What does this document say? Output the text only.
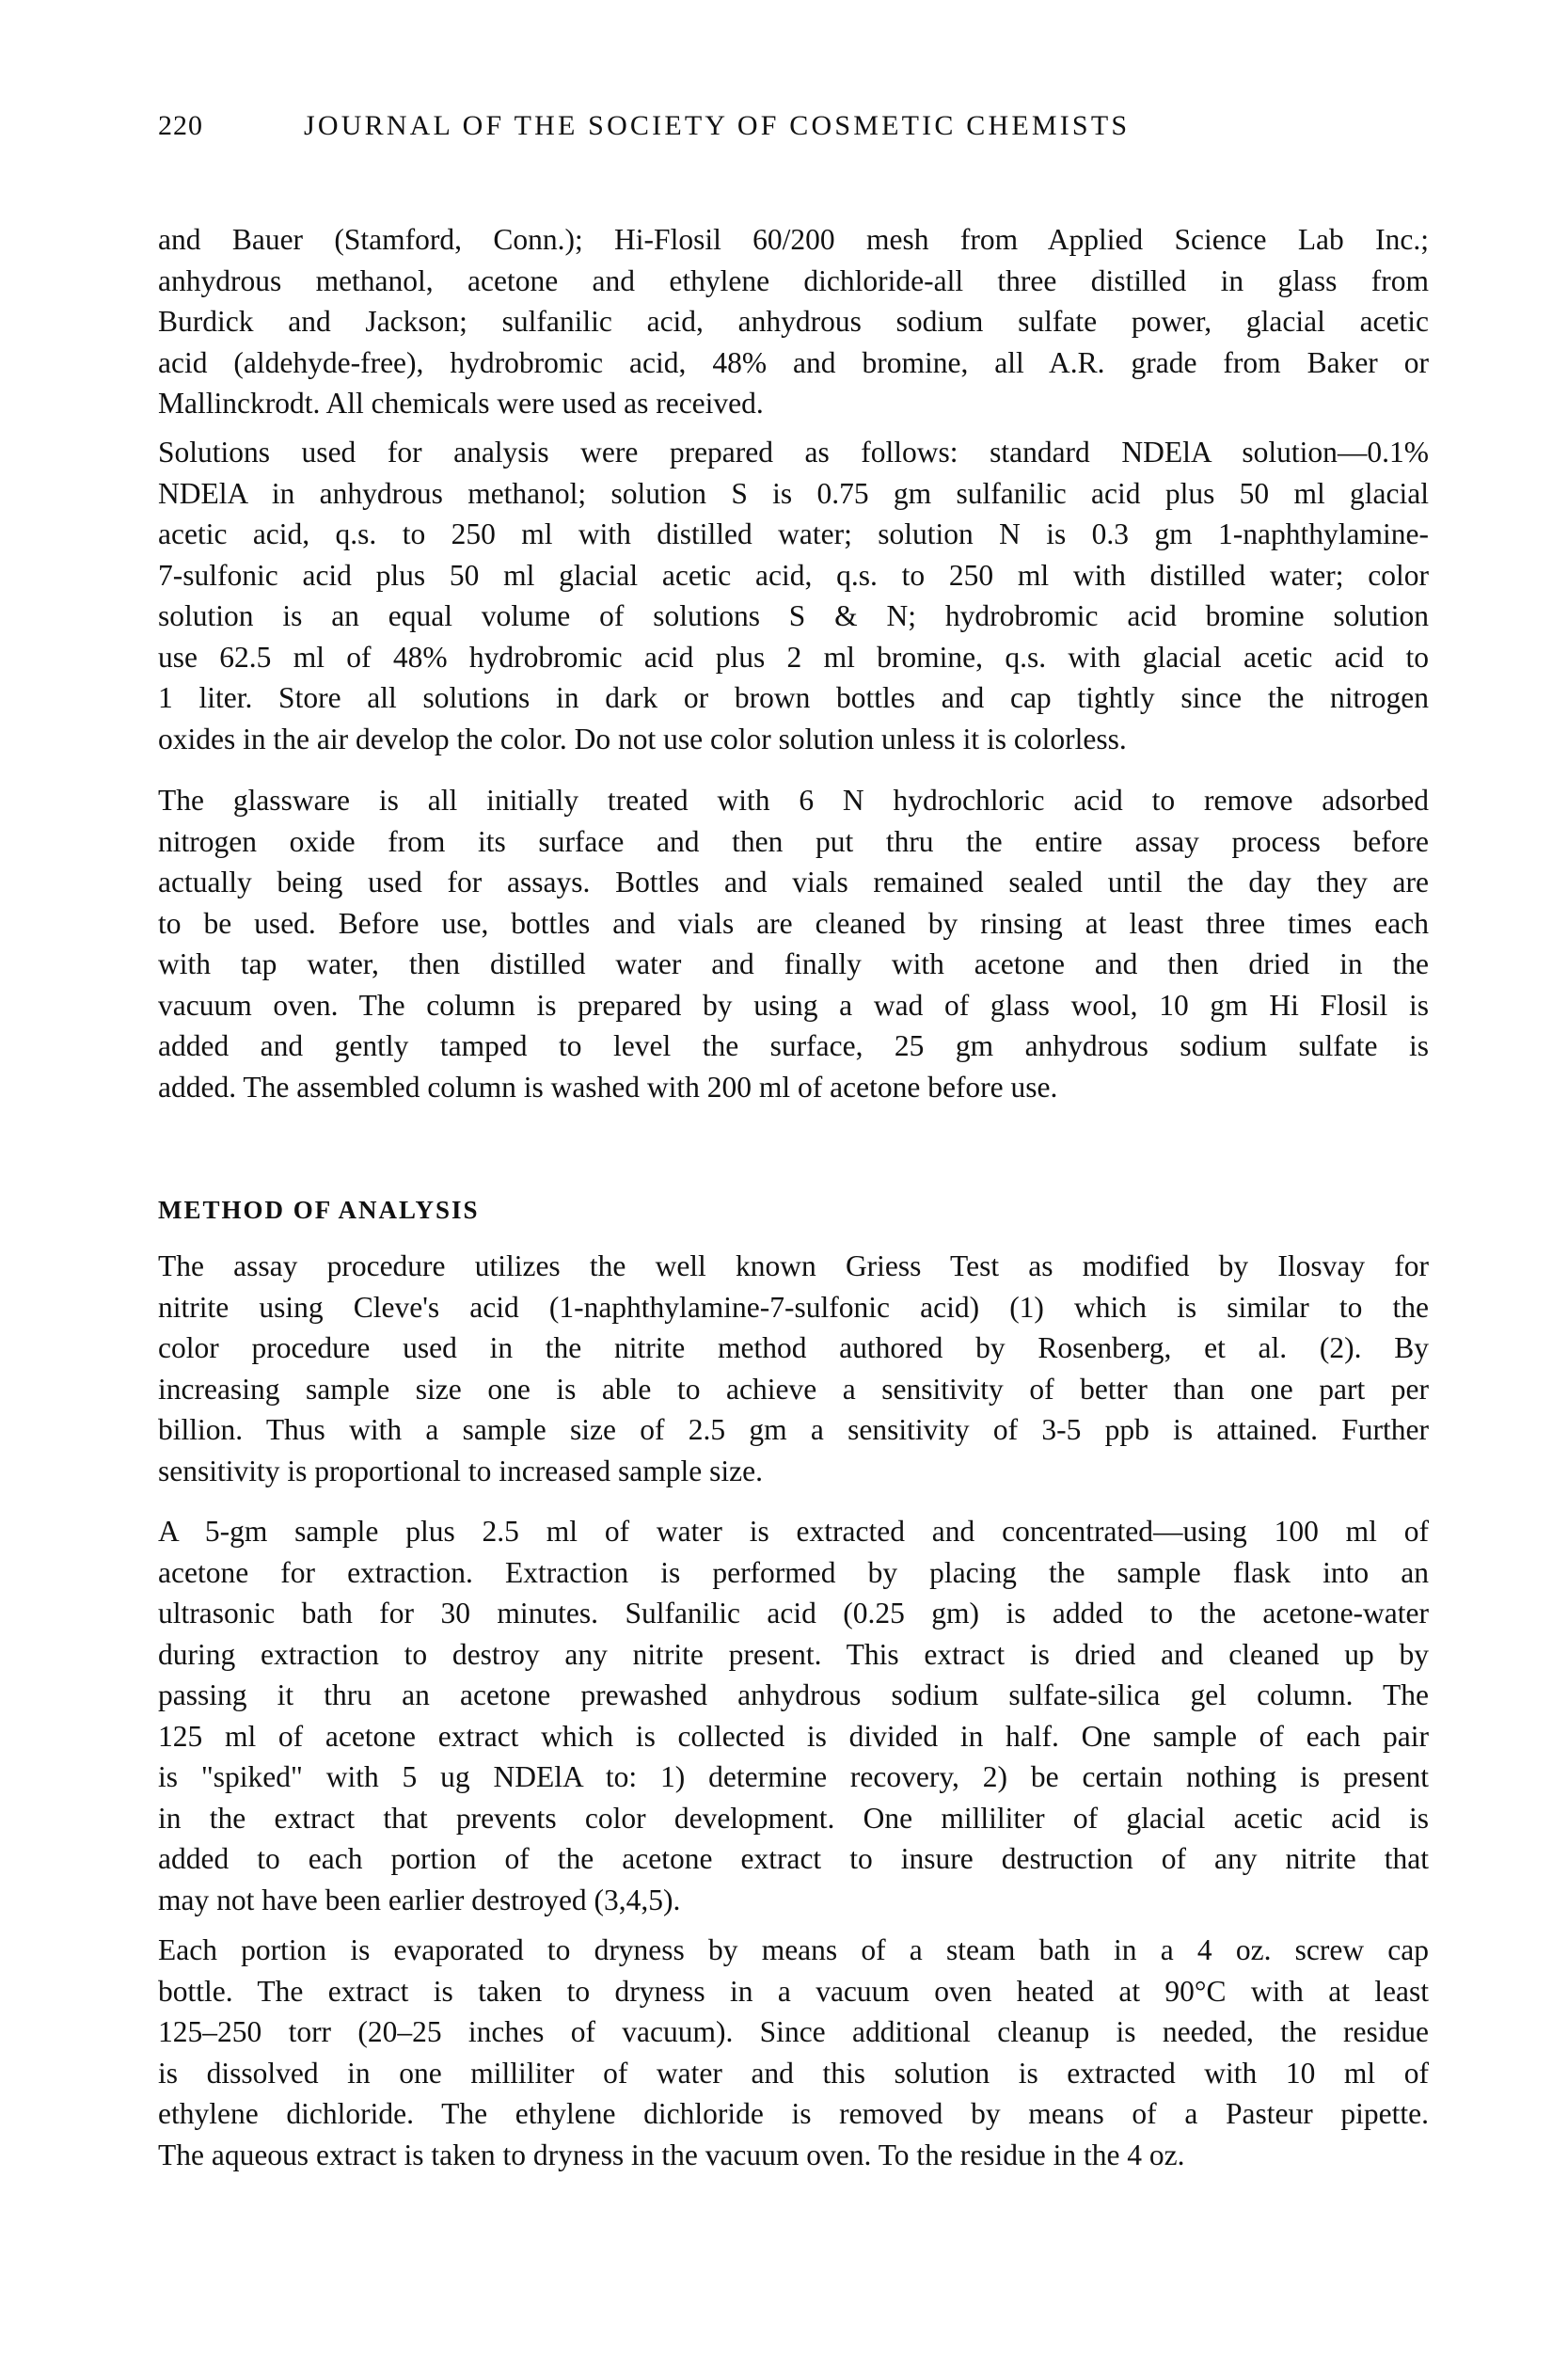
220	JOURNAL OF THE SOCIETY OF COSMETIC CHEMISTS
and Bauer (Stamford, Conn.); Hi-Flosil 60/200 mesh from Applied Science Lab Inc.;
anhydrous methanol, acetone and ethylene dichloride-all three distilled in glass from
Burdick and Jackson; sulfanilic acid, anhydrous sodium sulfate power, glacial acetic
acid (aldehyde-free), hydrobromic acid, 48% and bromine, all A.R. grade from Baker or
Mallinckrodt. All chemicals were used as received.
Solutions used for analysis were prepared as follows: standard NDElA solution—0.1%
NDElA in anhydrous methanol; solution S is 0.75 gm sulfanilic acid plus 50 ml glacial
acetic acid, q.s. to 250 ml with distilled water; solution N is 0.3 gm 1-naphthylamine-
7-sulfonic acid plus 50 ml glacial acetic acid, q.s. to 250 ml with distilled water; color
solution is an equal volume of solutions S & N; hydrobromic acid bromine solution
use 62.5 ml of 48% hydrobromic acid plus 2 ml bromine, q.s. with glacial acetic acid to
1 liter. Store all solutions in dark or brown bottles and cap tightly since the nitrogen
oxides in the air develop the color. Do not use color solution unless it is colorless.
The glassware is all initially treated with 6 N hydrochloric acid to remove adsorbed
nitrogen oxide from its surface and then put thru the entire assay process before
actually being used for assays. Bottles and vials remained sealed until the day they are
to be used. Before use, bottles and vials are cleaned by rinsing at least three times each
with tap water, then distilled water and finally with acetone and then dried in the
vacuum oven. The column is prepared by using a wad of glass wool, 10 gm Hi Flosil is
added and gently tamped to level the surface, 25 gm anhydrous sodium sulfate is
added. The assembled column is washed with 200 ml of acetone before use.
METHOD OF ANALYSIS
The assay procedure utilizes the well known Griess Test as modified by Ilosvay for
nitrite using Cleve's acid (1-naphthylamine-7-sulfonic acid) (1) which is similar to the
color procedure used in the nitrite method authored by Rosenberg, et al. (2). By
increasing sample size one is able to achieve a sensitivity of better than one part per
billion. Thus with a sample size of 2.5 gm a sensitivity of 3-5 ppb is attained. Further
sensitivity is proportional to increased sample size.
A 5-gm sample plus 2.5 ml of water is extracted and concentrated—using 100 ml of
acetone for extraction. Extraction is performed by placing the sample flask into an
ultrasonic bath for 30 minutes. Sulfanilic acid (0.25 gm) is added to the acetone-water
during extraction to destroy any nitrite present. This extract is dried and cleaned up by
passing it thru an acetone prewashed anhydrous sodium sulfate-silica gel column. The
125 ml of acetone extract which is collected is divided in half. One sample of each pair
is "spiked" with 5 ug NDElA to: 1) determine recovery, 2) be certain nothing is present
in the extract that prevents color development. One milliliter of glacial acetic acid is
added to each portion of the acetone extract to insure destruction of any nitrite that
may not have been earlier destroyed (3,4,5).
Each portion is evaporated to dryness by means of a steam bath in a 4 oz. screw cap
bottle. The extract is taken to dryness in a vacuum oven heated at 90°C with at least
125–250 torr (20–25 inches of vacuum). Since additional cleanup is needed, the residue
is dissolved in one milliliter of water and this solution is extracted with 10 ml of
ethylene dichloride. The ethylene dichloride is removed by means of a Pasteur pipette.
The aqueous extract is taken to dryness in the vacuum oven. To the residue in the 4 oz.
